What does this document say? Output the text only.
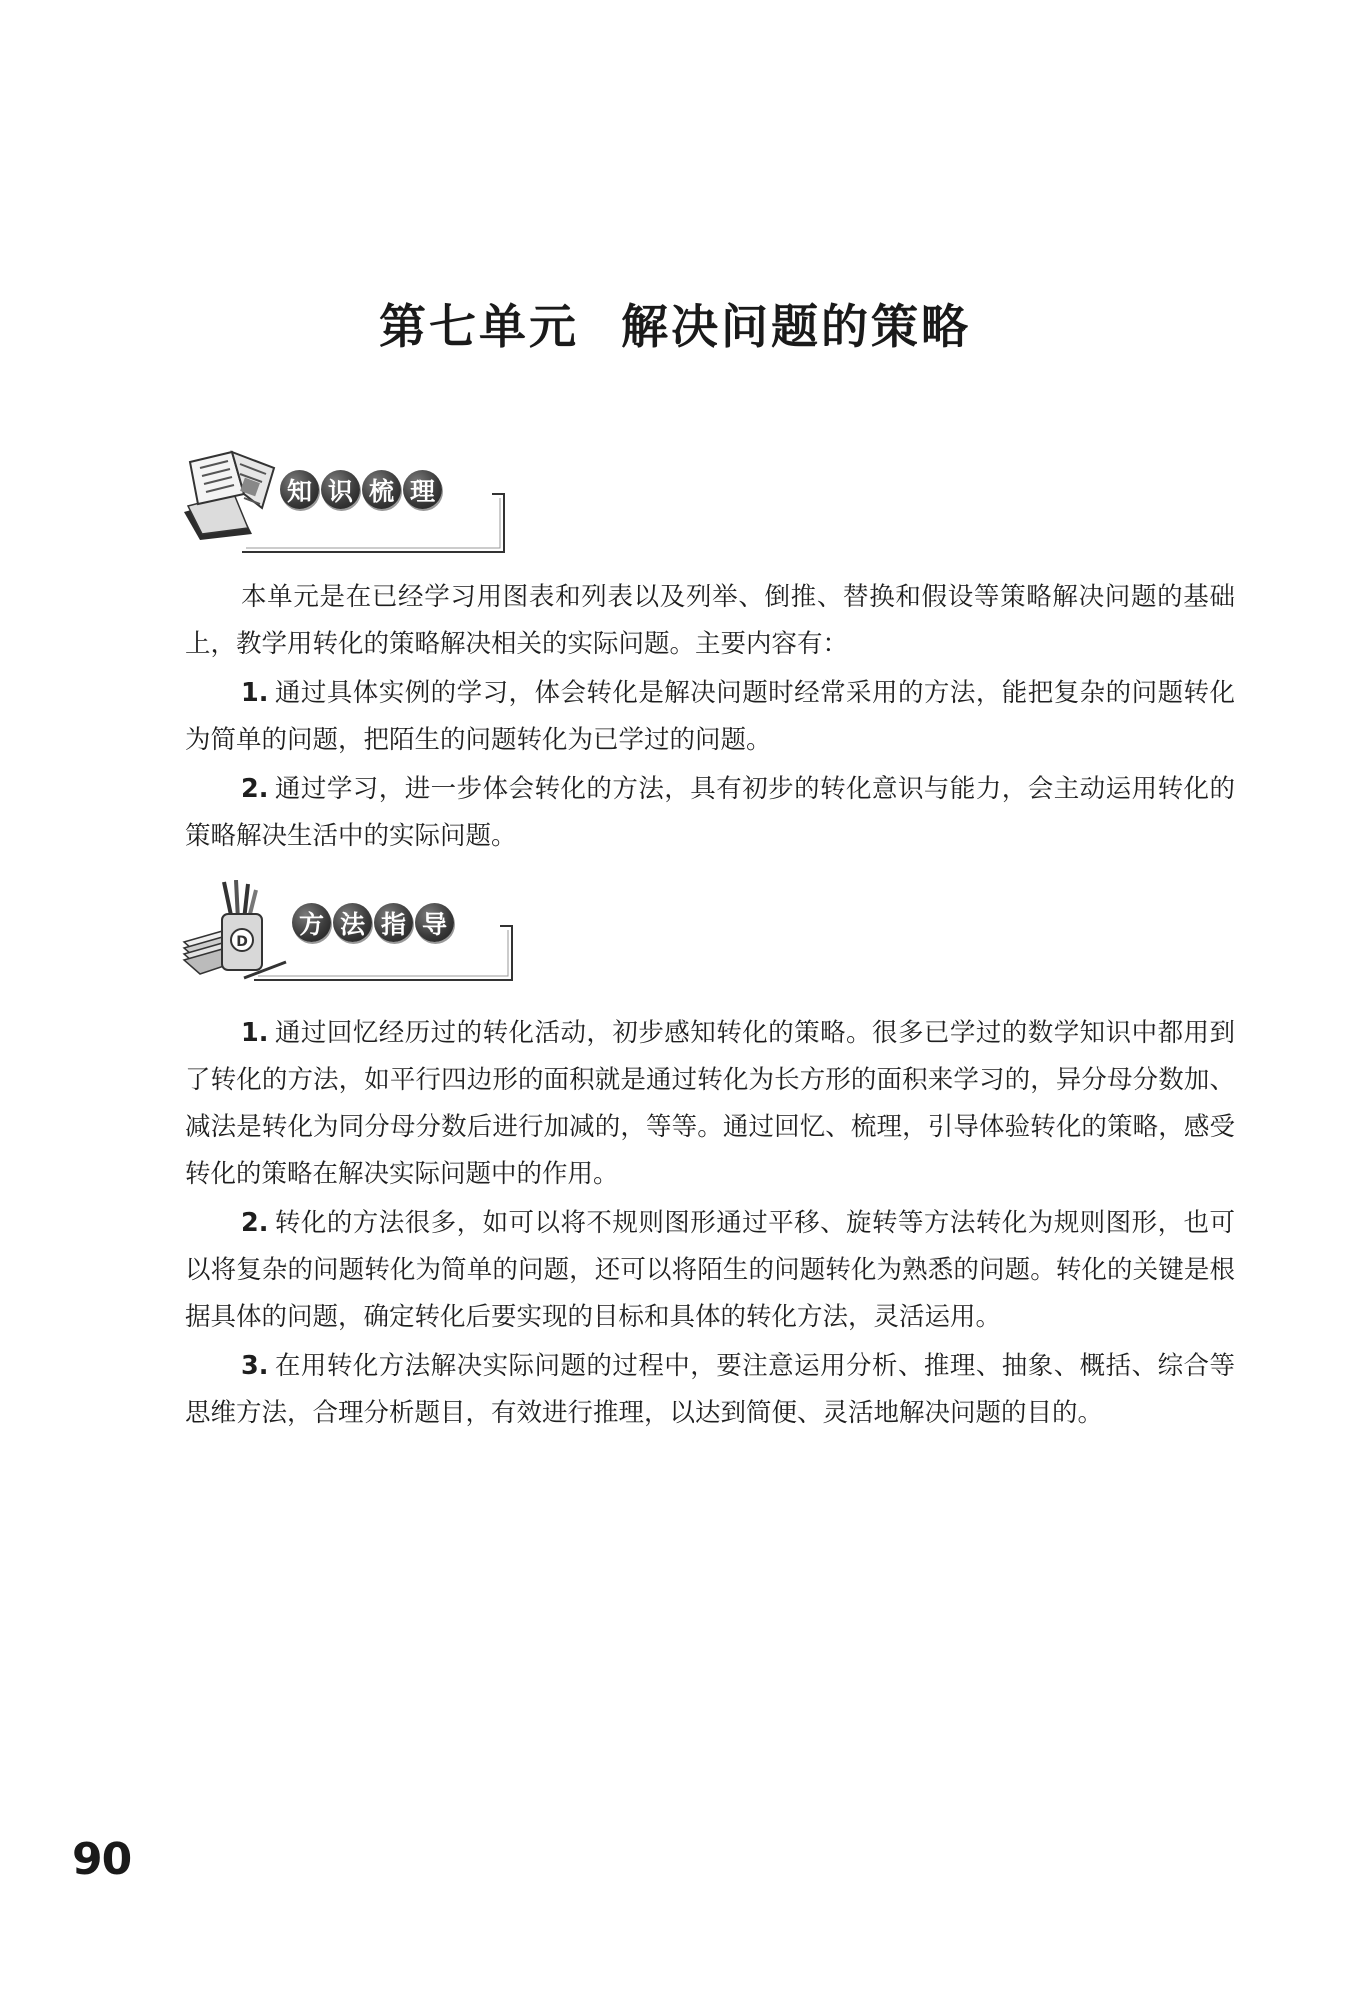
第七单元 解决问题的策略
知 识 梳 理

本单元是在已经学习用图表和列表以及列举、倒推、替换和假设等策略解决问题的基础上，教学用转化的策略解决相关的实际问题。主要内容有：

1. 通过具体实例的学习，体会转化是解决问题时经常采用的方法，能把复杂的问题转化为简单的问题，把陌生的问题转化为已学过的问题。

2. 通过学习，进一步体会转化的方法，具有初步的转化意识与能力，会主动运用转化的策略解决生活中的实际问题。

D
方 法 指 导

1. 通过回忆经历过的转化活动，初步感知转化的策略。很多已学过的数学知识中都用到了转化的方法，如平行四边形的面积就是通过转化为长方形的面积来学习的，异分母分数加、减法是转化为同分母分数后进行加减的，等等。通过回忆、梳理，引导体验转化的策略，感受转化的策略在解决实际问题中的作用。

2. 转化的方法很多，如可以将不规则图形通过平移、旋转等方法转化为规则图形，也可以将复杂的问题转化为简单的问题，还可以将陌生的问题转化为熟悉的问题。转化的关键是根据具体的问题，确定转化后要实现的目标和具体的转化方法，灵活运用。

3. 在用转化方法解决实际问题的过程中，要注意运用分析、推理、抽象、概括、综合等思维方法，合理分析题目，有效进行推理，以达到简便、灵活地解决问题的目的。

90
